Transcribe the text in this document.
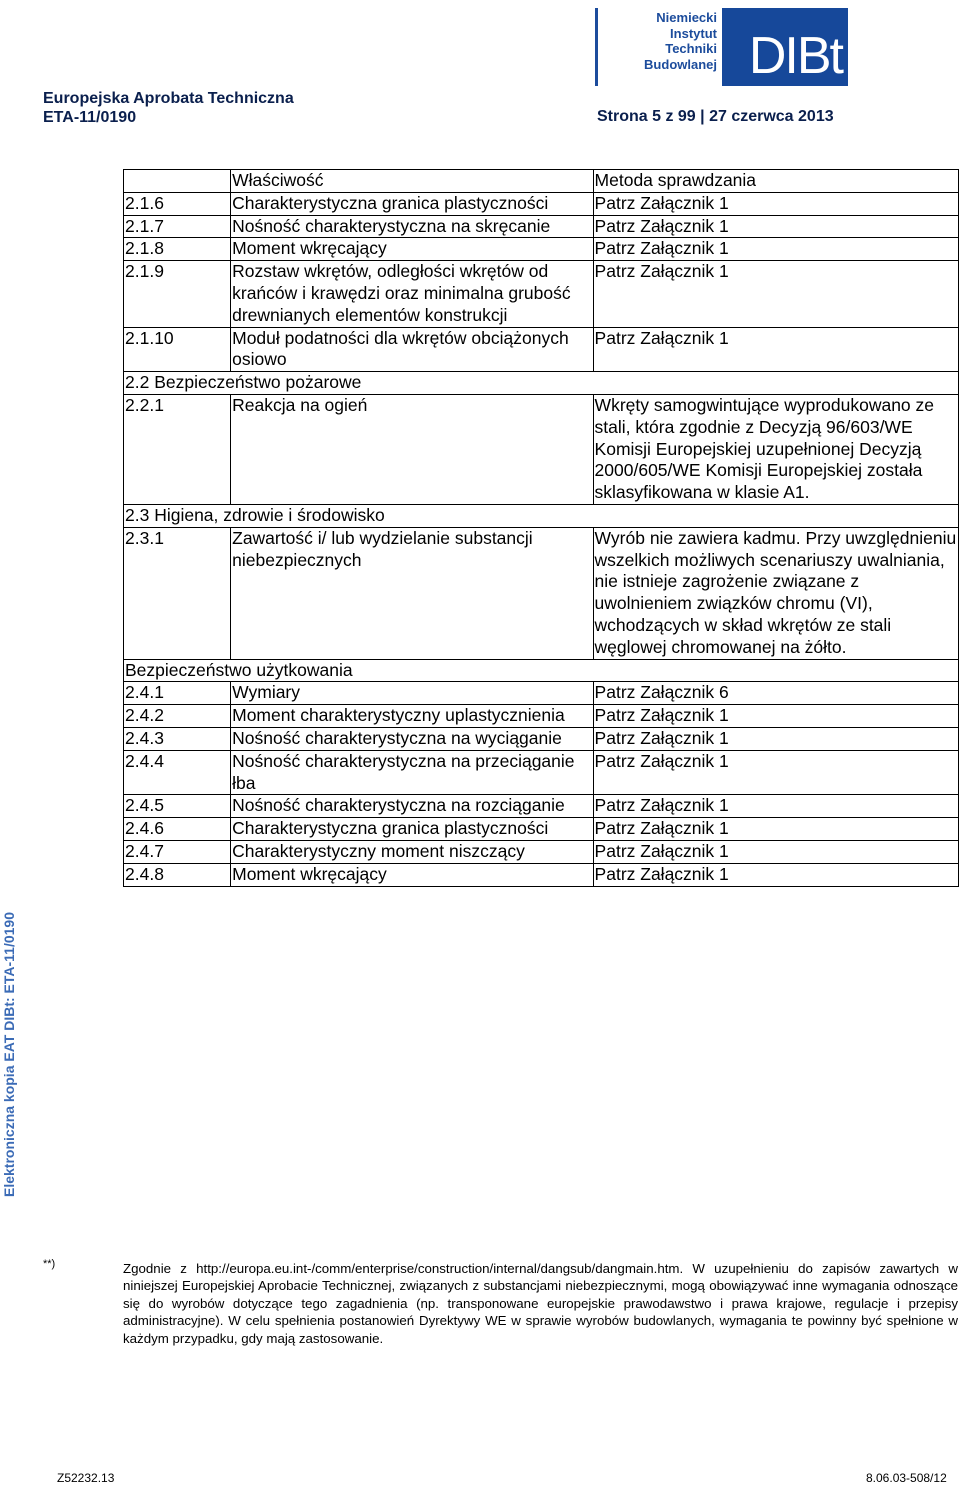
Europejska Aprobata Techniczna
ETA-11/0190	Strona 5 z 99 | 27 czerwca 2013
Niemiecki
Instytut
Techniki
Budowlanej DIBt
	Właściwość	Metoda sprawdzania
2.1.6	Charakterystyczna granica plastyczności	Patrz Załącznik 1
2.1.7	Nośność charakterystyczna na skręcanie	Patrz Załącznik 1
2.1.8	Moment wkręcający	Patrz Załącznik 1
2.1.9	Rozstaw wkrętów, odległości wkrętów od krańców i krawędzi oraz minimalna grubość drewnianych elementów konstrukcji	Patrz Załącznik 1
2.1.10	Moduł podatności dla wkrętów obciążonych osiowo	Patrz Załącznik 1
2.2 Bezpieczeństwo pożarowe		
2.2.1	Reakcja na ogień	Wkręty samogwintujące wyprodukowano ze stali, która zgodnie z Decyzją 96/603/WE Komisji Europejskiej uzupełnionej Decyzją 2000/605/WE Komisji Europejskiej została sklasyfikowana w klasie A1.
2.3 Higiena, zdrowie i środowisko		
2.3.1	Zawartość i/ lub wydzielanie substancji niebezpiecznych	Wyrób nie zawiera kadmu. Przy uwzględnieniu wszelkich możliwych scenariuszy uwalniania, nie istnieje zagrożenie związane z uwolnieniem związków chromu (VI), wchodzących w skład wkrętów ze stali węglowej chromowanej na żółto.
Bezpieczeństwo użytkowania		
2.4.1	Wymiary	Patrz Załącznik 6
2.4.2	Moment charakterystyczny uplastycznienia	Patrz Załącznik 1
2.4.3	Nośność charakterystyczna na wyciąganie	Patrz Załącznik 1
2.4.4	Nośność charakterystyczna na przeciąganie łba	Patrz Załącznik 1
2.4.5	Nośność charakterystyczna na rozciąganie	Patrz Załącznik 1
2.4.6	Charakterystyczna granica plastyczności	Patrz Załącznik 1
2.4.7	Charakterystyczny moment niszczący	Patrz Załącznik 1
2.4.8	Moment wkręcający	Patrz Załącznik 1
Elektroniczna kopia EAT DIBt: ETA-11/0190
**)	Zgodnie z http://europa.eu.int-/comm/enterprise/construction/internal/dangsub/dangmain.htm. W uzupełnieniu do zapisów zawartych w niniejszej Europejskiej Aprobacie Technicznej, związanych z substancjami niebezpiecznymi, mogą obowiązywać inne wymagania odnoszące się do wyrobów dotyczące tego zagadnienia (np. transponowane europejskie prawodawstwo i prawa krajowe, regulacje i przepisy administracyjne). W celu spełnienia postanowień Dyrektywy WE w sprawie wyrobów budowlanych, wymagania te powinny być spełnione w każdym przypadku, gdy mają zastosowanie.
Z52232.13	8.06.03-508/12
